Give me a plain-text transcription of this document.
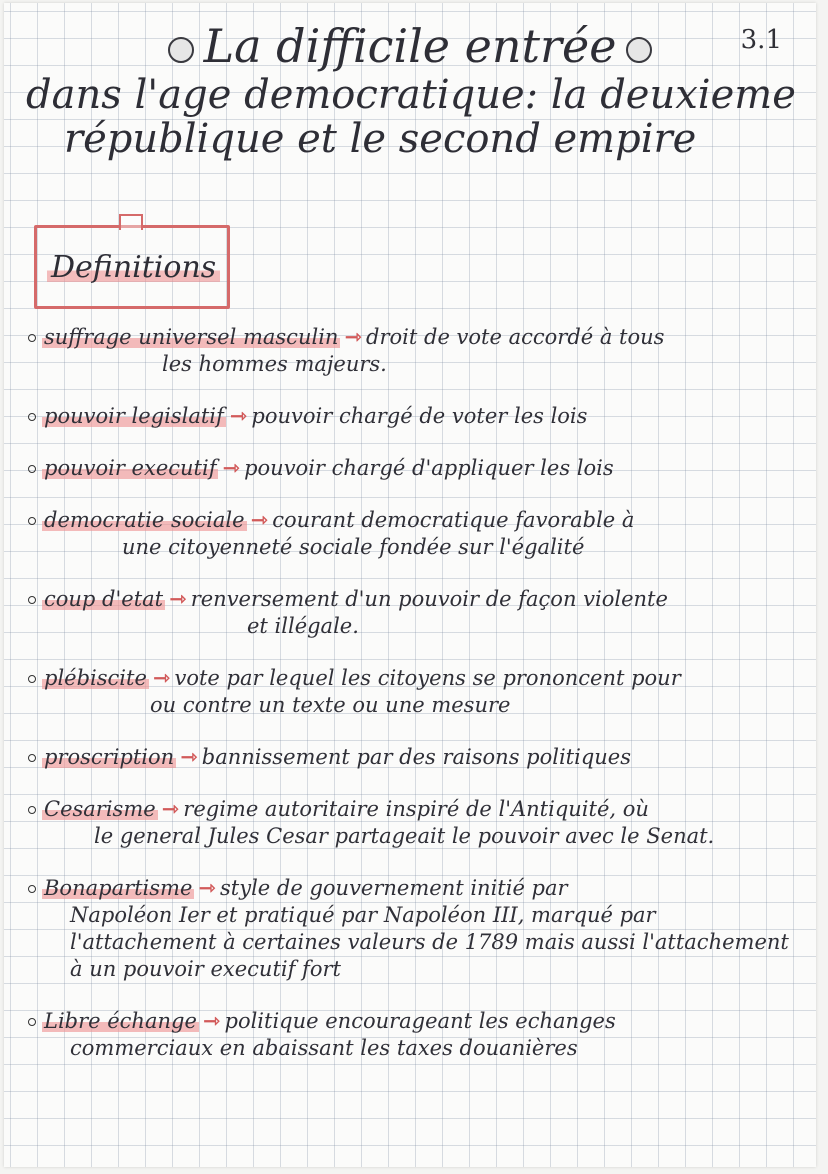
3.1
La difficile entrée
dans l'age democratique: la deuxieme
république et le second empire
Definitions
suffrage universel masculin ⇾ droit de vote accordé à tous
les hommes majeurs.
pouvoir legislatif ⇾ pouvoir chargé de voter les lois
pouvoir executif ⇾ pouvoir chargé d'appliquer les lois
democratie sociale ⇾ courant democratique favorable à
une citoyenneté sociale fondée sur l'égalité
coup d'etat ⇾ renversement d'un pouvoir de façon violente
et illégale.
plébiscite ⇾ vote par lequel les citoyens se prononcent pour
ou contre un texte ou une mesure
proscription ⇾ bannissement par des raisons politiques
Cesarisme ⇾ regime autoritaire inspiré de l'Antiquité, où
le general Jules Cesar partageait le pouvoir avec le Senat.
Bonapartisme ⇾ style de gouvernement initié par
Napoléon Ier et pratiqué par Napoléon III, marqué par l'attachement à certaines valeurs de 1789 mais aussi l'attachement à un pouvoir executif fort
Libre échange ⇾ politique encourageant les echanges
commerciaux en abaissant les taxes douanières
